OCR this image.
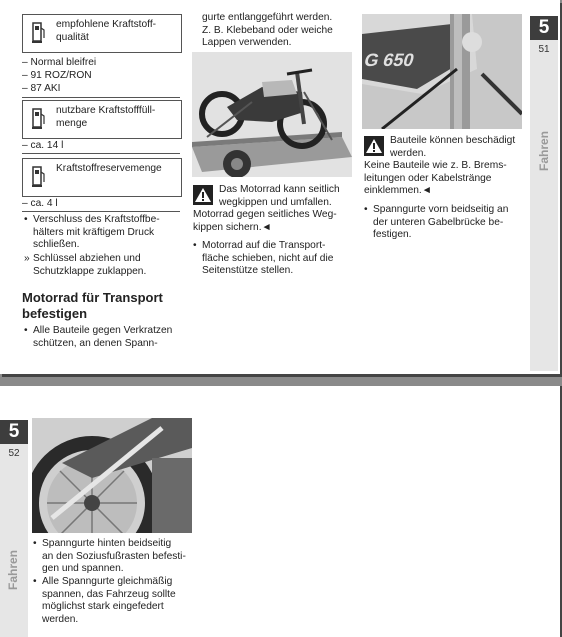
empfohlene Kraftstoff-
qualität
– Normal bleifrei
– 91 ROZ/RON
– 87 AKI
nutzbare Kraftstofffüll-
menge
– ca. 14 l
Kraftstoffreservemenge
– ca. 4 l
• Verschluss des Kraftstoffbe-
hälters mit kräftigem Druck
schließen.
» Schlüssel abziehen und
Schutzklappe zuklappen.
Motorrad für Transport
befestigen
• Alle Bauteile gegen Verkratzen
schützen, an denen Spann-
gurte entlanggeführt werden.
Z. B. Klebeband oder weiche
Lappen verwenden.
Das Motorrad kann seitlich
wegkippen und umfallen.
Motorrad gegen seitliches Weg-
kippen sichern.◄
• Motorrad auf die Transport-
fläche schieben, nicht auf die
Seitenstütze stellen.
G 650
Bauteile können beschädigt
werden.
Keine Bauteile wie z. B. Brems-
leitungen oder Kabelstränge
einklemmen.◄
• Spanngurte vorn beidseitig an
der unteren Gabelbrücke be-
festigen.
5
51
Fahren
5
52
Fahren
• Spanngurte hinten beidseitig
an den Soziusfußrasten befesti-
gen und spannen.
• Alle Spanngurte gleichmäßig
spannen, das Fahrzeug sollte
möglichst stark eingefedert
werden.
